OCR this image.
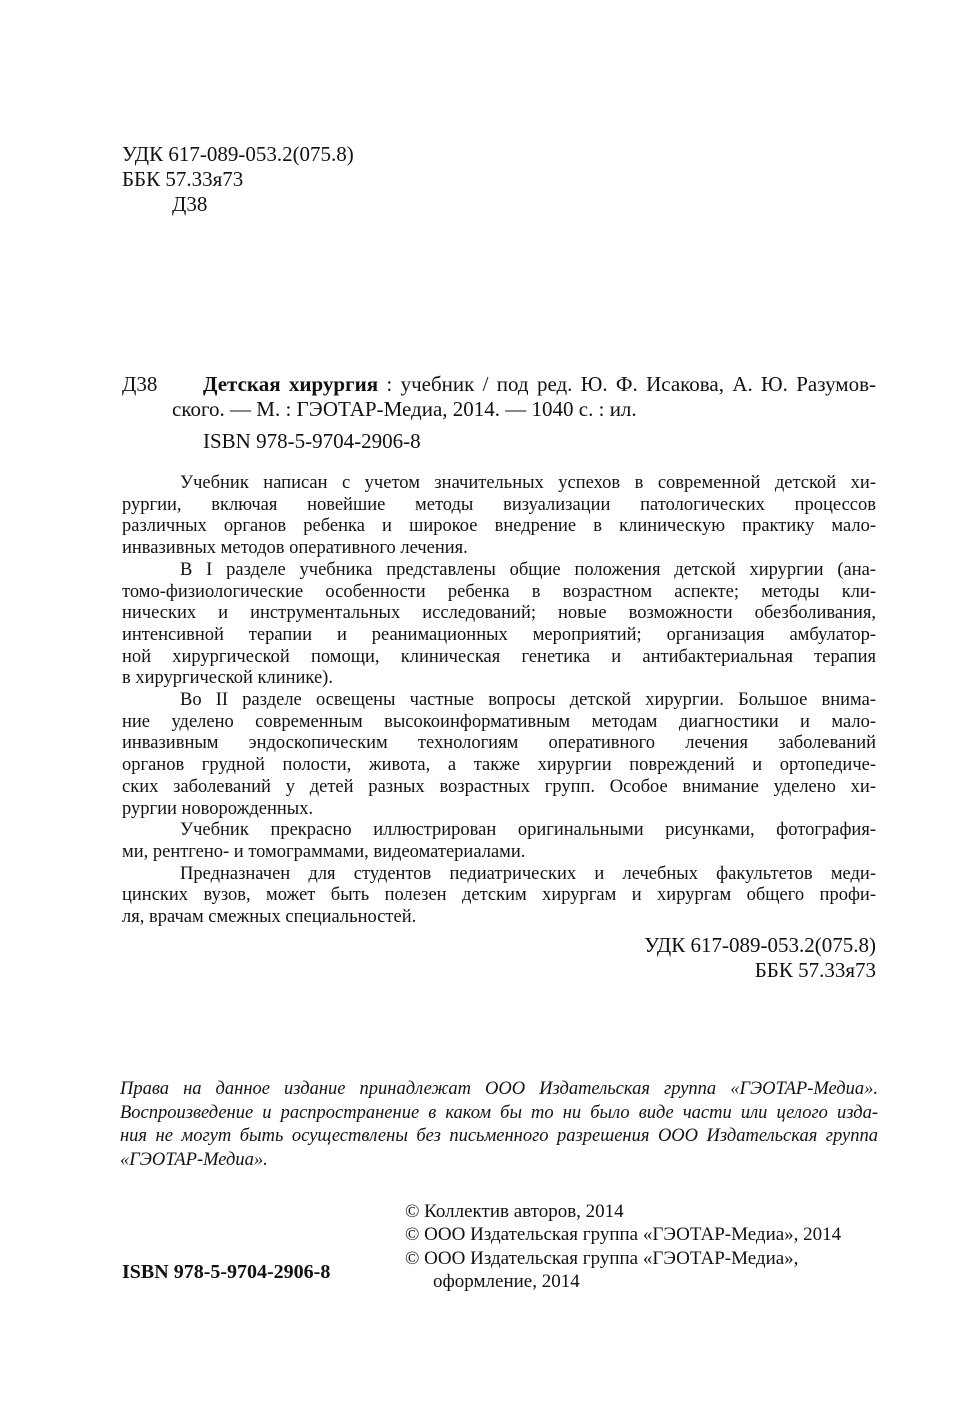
УДК 617-089-053.2(075.8)
ББК 57.33я73
Д38
Д38 Детская хирургия : учебник / под ред. Ю. Ф. Исакова, А. Ю. Разумов-
ского. — М. : ГЭОТАР-Медиа, 2014. — 1040 с. : ил.
ISBN 978-5-9704-2906-8
Учебник написан с учетом значительных успехов в современной детской хи-
рургии, включая новейшие методы визуализации патологических процессов
различных органов ребенка и широкое внедрение в клиническую практику мало-
инвазивных методов оперативного лечения.
В I разделе учебника представлены общие положения детской хирургии (ана-
томо-физиологические особенности ребенка в возрастном аспекте; методы кли-
нических и инструментальных исследований; новые возможности обезболивания,
интенсивной терапии и реанимационных мероприятий; организация амбулатор-
ной хирургической помощи, клиническая генетика и антибактериальная терапия
в хирургической клинике).
Во II разделе освещены частные вопросы детской хирургии. Большое внима-
ние уделено современным высокоинформативным методам диагностики и мало-
инвазивным эндоскопическим технологиям оперативного лечения заболеваний
органов грудной полости, живота, а также хирургии повреждений и ортопедиче-
ских заболеваний у детей разных возрастных групп. Особое внимание уделено хи-
рургии новорожденных.
Учебник прекрасно иллюстрирован оригинальными рисунками, фотография-
ми, рентгено- и томограммами, видеоматериалами.
Предназначен для студентов педиатрических и лечебных факультетов меди-
цинских вузов, может быть полезен детским хирургам и хирургам общего профи-
ля, врачам смежных специальностей.
УДК 617-089-053.2(075.8)
ББК 57.33я73
Права на данное издание принадлежат ООО Издательская группа «ГЭОТАР-Медиа».
Воспроизведение и распространение в каком бы то ни было виде части или целого изда-
ния не могут быть осуществлены без письменного разрешения ООО Издательская группа
«ГЭОТАР-Медиа».
© Коллектив авторов, 2014
© ООО Издательская группа «ГЭОТАР-Медиа», 2014
© ООО Издательская группа «ГЭОТАР-Медиа»,
оформление, 2014
ISBN 978-5-9704-2906-8
